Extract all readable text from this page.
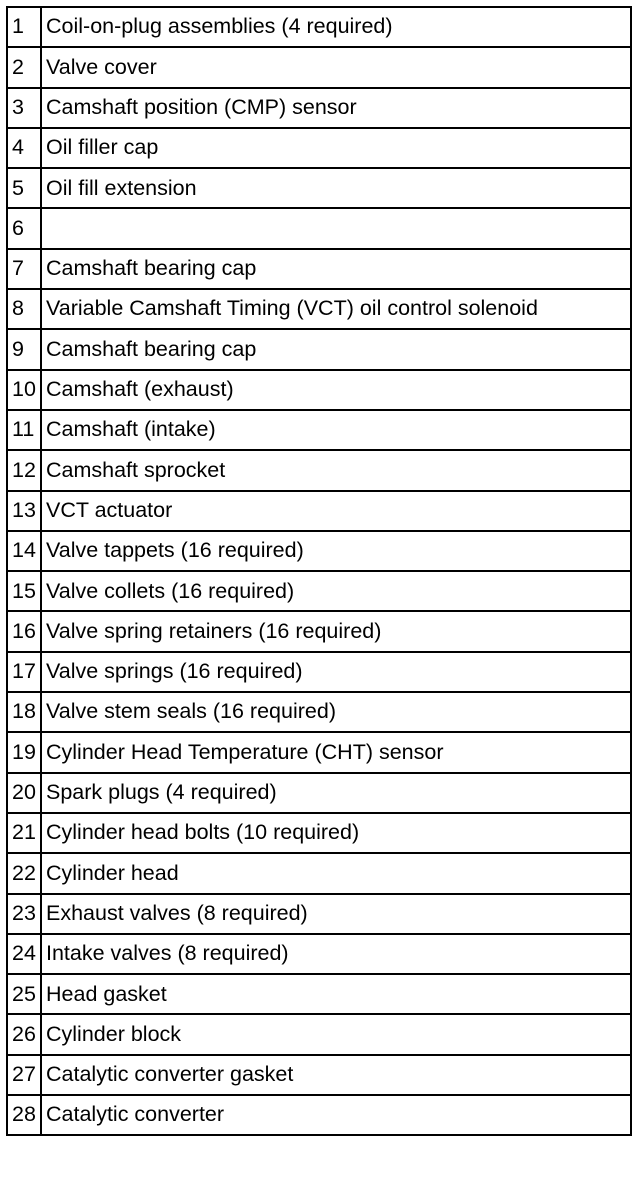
1	Coil-on-plug assemblies (4 required)
2	Valve cover
3	Camshaft position (CMP) sensor
4	Oil filler cap
5	Oil fill extension
6	
7	Camshaft bearing cap
8	Variable Camshaft Timing (VCT) oil control solenoid
9	Camshaft bearing cap
10	Camshaft (exhaust)
11	Camshaft (intake)
12	Camshaft sprocket
13	VCT actuator
14	Valve tappets (16 required)
15	Valve collets (16 required)
16	Valve spring retainers (16 required)
17	Valve springs (16 required)
18	Valve stem seals (16 required)
19	Cylinder Head Temperature (CHT) sensor
20	Spark plugs (4 required)
21	Cylinder head bolts (10 required)
22	Cylinder head
23	Exhaust valves (8 required)
24	Intake valves (8 required)
25	Head gasket
26	Cylinder block
27	Catalytic converter gasket
28	Catalytic converter
